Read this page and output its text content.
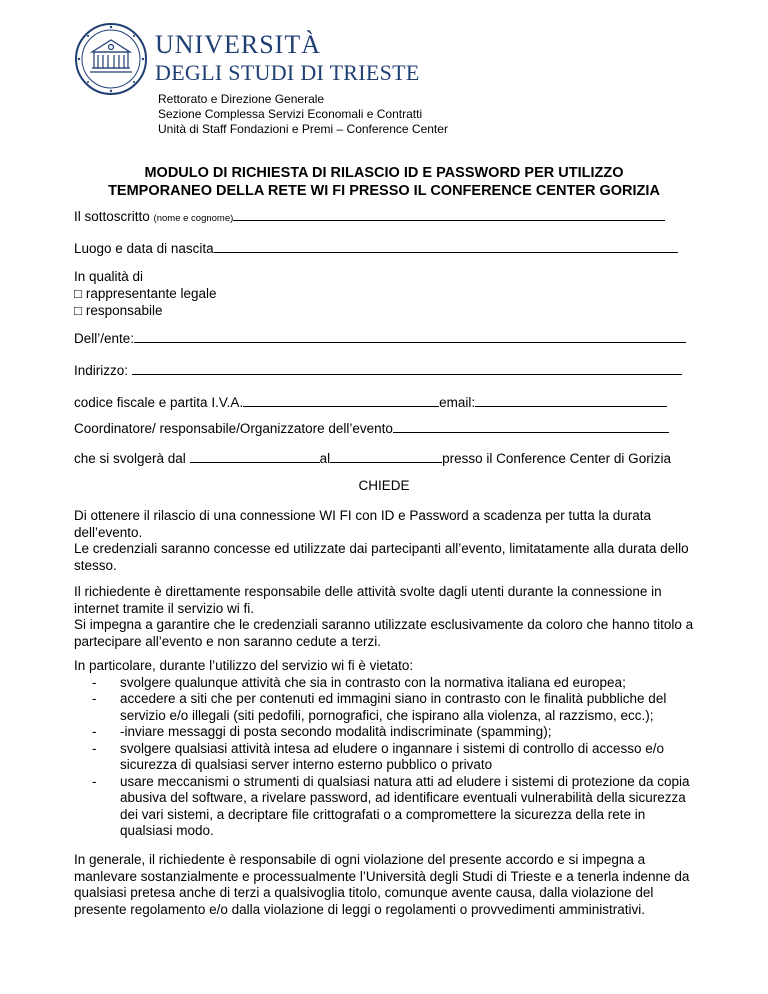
UNIVERSITÀ
DEGLI STUDI DI TRIESTE
Rettorato e Direzione Generale
Sezione Complessa Servizi Economali e Contratti
Unità di Staff Fondazioni e Premi – Conference Center
MODULO DI RICHIESTA DI RILASCIO ID E PASSWORD PER UTILIZZO
TEMPORANEO DELLA RETE WI FI PRESSO IL CONFERENCE CENTER GORIZIA
Il sottoscritto (nome e cognome)
Luogo e data di nascita
In qualità di
□ rappresentante legale
□ responsabile
Dell’/ente:
Indirizzo:
codice fiscale e partita I.V.A.	email:
Coordinatore/ responsabile/Organizzatore dell’evento
che si svolgerà dal	al	presso il Conference Center di Gorizia
CHIEDE

Di ottenere il rilascio di una connessione WI FI con ID e Password a scadenza per tutta la durata dell’evento.

Le credenziali saranno concesse ed utilizzate dai partecipanti all’evento, limitatamente alla durata dello stesso.

Il richiedente è direttamente responsabile delle attività svolte dagli utenti durante la connessione in internet tramite il servizio wi fi.

Si impegna a garantire che le credenziali saranno utilizzate esclusivamente da coloro che hanno titolo a partecipare all’evento e non saranno cedute a terzi.

In particolare, durante l’utilizzo del servizio wi fi è vietato:

- svolgere qualunque attività che sia in contrasto con la normativa italiana ed europea;
- accedere a siti che per contenuti ed immagini siano in contrasto con le finalità pubbliche del servizio e/o illegali (siti pedofili, pornografici, che ispirano alla violenza, al razzismo, ecc.);
- -inviare messaggi di posta secondo modalità indiscriminate (spamming);
- svolgere qualsiasi attività intesa ad eludere o ingannare i sistemi di controllo di accesso e/o sicurezza di qualsiasi server interno esterno pubblico o privato
- usare meccanismi o strumenti di qualsiasi natura atti ad eludere i sistemi di protezione da copia abusiva del software, a rivelare password, ad identificare eventuali vulnerabilità della sicurezza dei vari sistemi, a decriptare file crittografati o a compromettere la sicurezza della rete in qualsiasi modo.

In generale, il richiedente è responsabile di ogni violazione del presente accordo e si impegna a manlevare sostanzialmente e processualmente l’Università degli Studi di Trieste e a tenerla indenne da qualsiasi pretesa anche di terzi a qualsivoglia titolo, comunque avente causa, dalla violazione del presente regolamento e/o dalla violazione di leggi o regolamenti o provvedimenti amministrativi.
